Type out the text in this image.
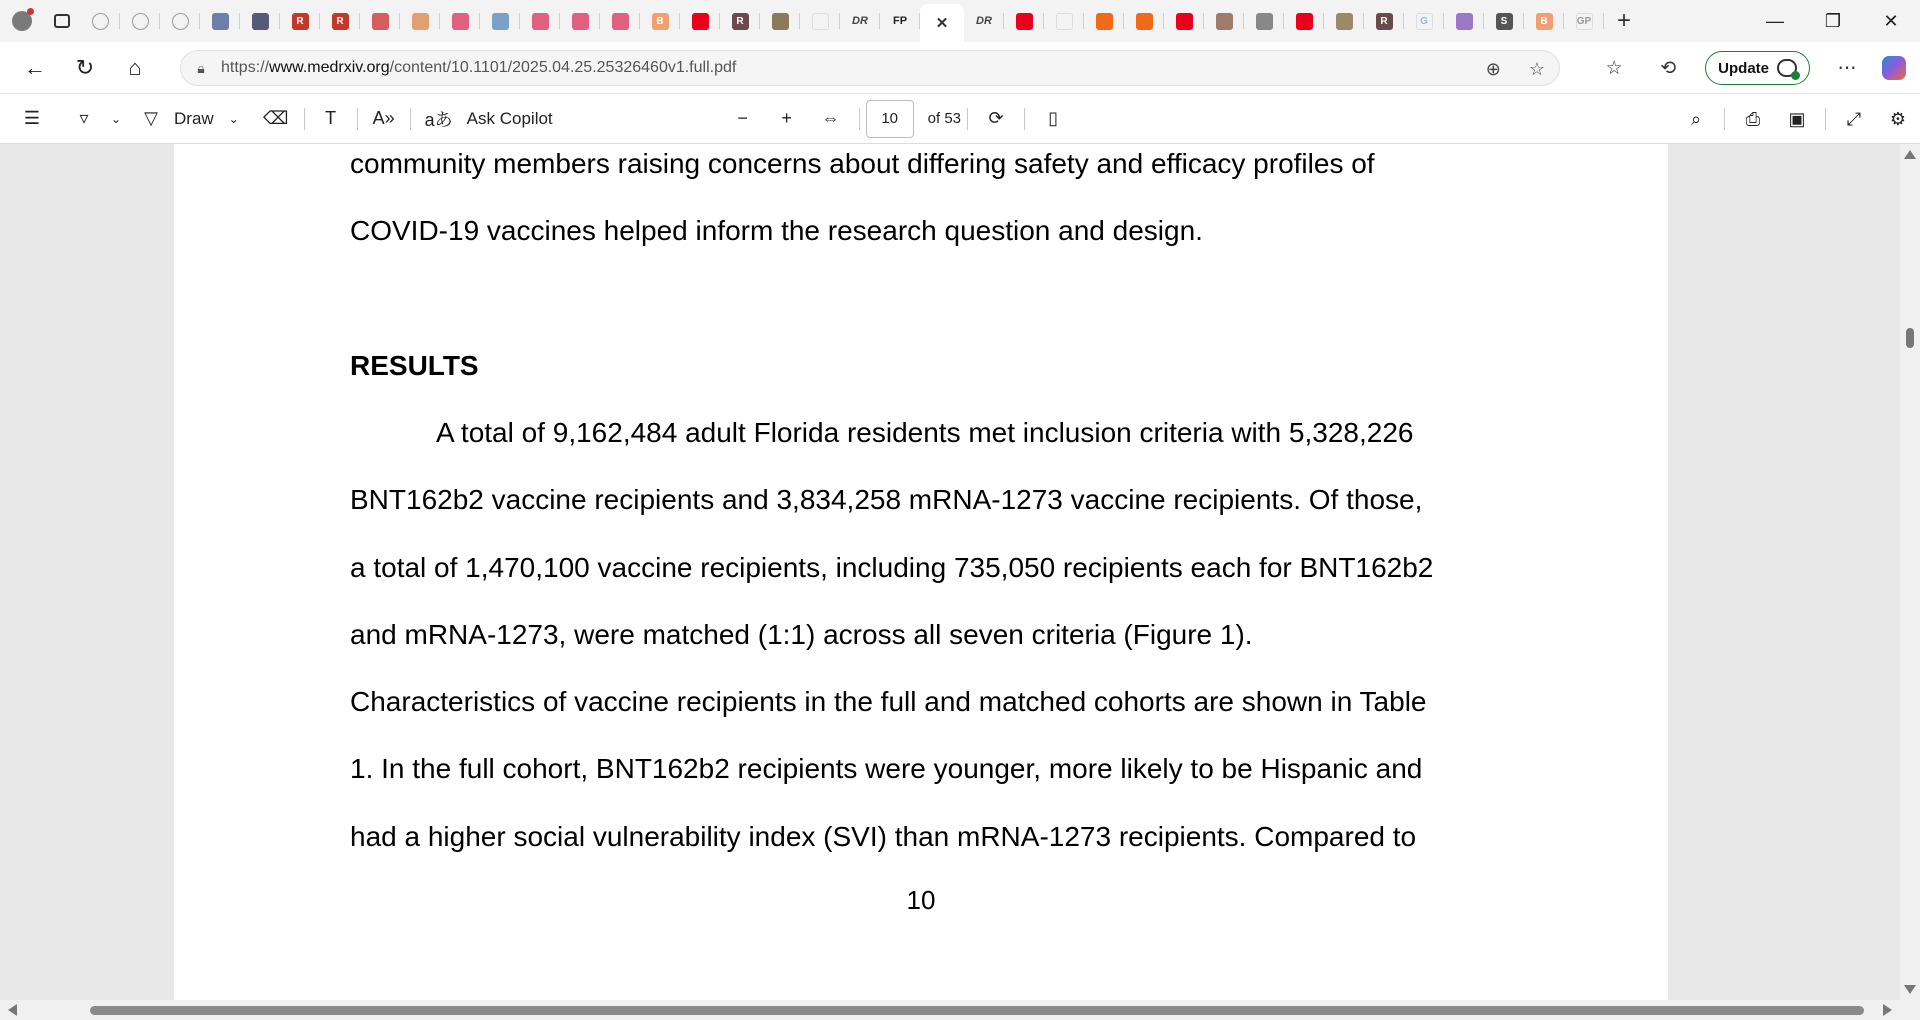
R	R	B	R	DR FP ✕	DR	R	G	S	B	GP	+	—	❐	✕
←	↻	⌂	🔒︎	https://www.medrxiv.org/content/10.1101/2025.04.25.25326460v1.full.pdf	⊕ ☆	☆	⟲	Update	⋯
☰	▿	⌄	▽ Draw	⌄	⌫	T	A»	aあ Ask Copilot	−	+	⇔	10	of 53	⟳	▯	⌕	⎙	▣	⤢	⚙
community members raising concerns about differing safety and efficacy profiles of
COVID-19 vaccines helped inform the research question and design.
RESULTS
A total of 9,162,484 adult Florida residents met inclusion criteria with 5,328,226
BNT162b2 vaccine recipients and 3,834,258 mRNA-1273 vaccine recipients. Of those,
a total of 1,470,100 vaccine recipients, including 735,050 recipients each for BNT162b2
and mRNA-1273, were matched (1:1) across all seven criteria (Figure 1).
Characteristics of vaccine recipients in the full and matched cohorts are shown in Table
1. In the full cohort, BNT162b2 recipients were younger, more likely to be Hispanic and
had a higher social vulnerability index (SVI) than mRNA-1273 recipients. Compared to
10
